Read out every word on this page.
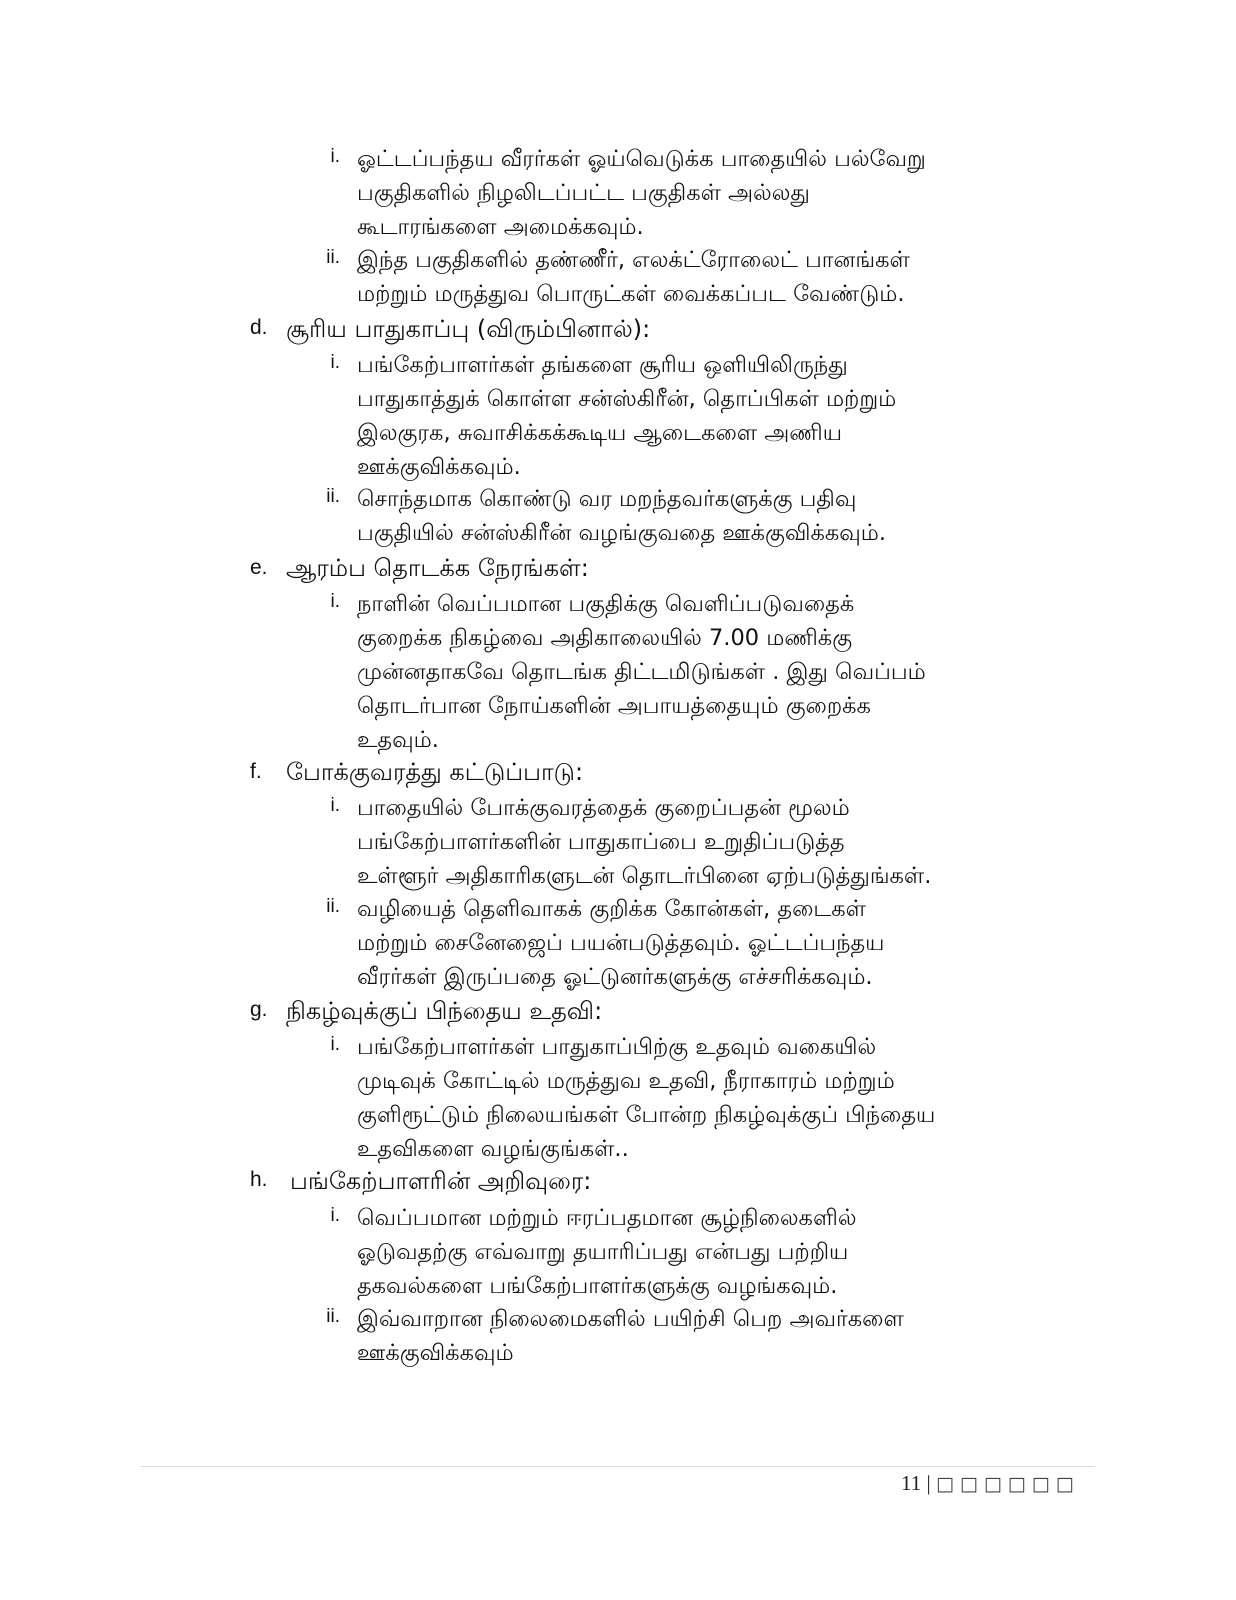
i. ஓட்டப்பந்தய வீரர்கள் ஓய்வெடுக்க பாதையில் பல்வேறு
பகுதிகளில் நிழலிடப்பட்ட பகுதிகள் அல்லது
கூடாரங்களை அமைக்கவும்.
ii. இந்த பகுதிகளில் தண்ணீர், எலக்ட்ரோலைட் பானங்கள்
மற்றும் மருத்துவ பொருட்கள் வைக்கப்பட வேண்டும்.
d. சூரிய பாதுகாப்பு (விரும்பினால்):
i. பங்கேற்பாளர்கள் தங்களை சூரிய ஒளியிலிருந்து
பாதுகாத்துக் கொள்ள சன்ஸ்கிரீன், தொப்பிகள் மற்றும்
இலகுரக, சுவாசிக்கக்கூடிய ஆடைகளை அணிய
ஊக்குவிக்கவும்.
ii. சொந்தமாக கொண்டு வர மறந்தவர்களுக்கு பதிவு
பகுதியில் சன்ஸ்கிரீன் வழங்குவதை ஊக்குவிக்கவும்.
e. ஆரம்ப தொடக்க நேரங்கள்:
i. நாளின் வெப்பமான பகுதிக்கு வெளிப்படுவதைக்
குறைக்க நிகழ்வை அதிகாலையில் 7.00 மணிக்கு
முன்னதாகவே தொடங்க திட்டமிடுங்கள் . இது வெப்பம்
தொடர்பான நோய்களின் அபாயத்தையும் குறைக்க
உதவும்.
f. போக்குவரத்து கட்டுப்பாடு:
i. பாதையில் போக்குவரத்தைக் குறைப்பதன் மூலம்
பங்கேற்பாளர்களின் பாதுகாப்பை உறுதிப்படுத்த
உள்ளூர் அதிகாரிகளுடன் தொடர்பினை ஏற்படுத்துங்கள்.
ii. வழியைத் தெளிவாகக் குறிக்க கோன்கள், தடைகள்
மற்றும் சைனேஜைப் பயன்படுத்தவும். ஓட்டப்பந்தய
வீரர்கள் இருப்பதை ஓட்டுனர்களுக்கு எச்சரிக்கவும்.
g. நிகழ்வுக்குப் பிந்தைய உதவி:
i. பங்கேற்பாளர்கள் பாதுகாப்பிற்கு உதவும் வகையில்
முடிவுக் கோட்டில் மருத்துவ உதவி, நீராகாரம் மற்றும்
குளிரூட்டும் நிலையங்கள் போன்ற நிகழ்வுக்குப் பிந்தைய
உதவிகளை வழங்குங்கள்..
h. பங்கேற்பாளரின் அறிவுரை:
i. வெப்பமான மற்றும் ஈரப்பதமான சூழ்நிலைகளில்
ஓடுவதற்கு எவ்வாறு தயாரிப்பது என்பது பற்றிய
தகவல்களை பங்கேற்பாளர்களுக்கு வழங்கவும்.
ii. இவ்வாறான நிலைமைகளில் பயிற்சி பெற அவர்களை
ஊக்குவிக்கவும்
11 | □□□□□□
